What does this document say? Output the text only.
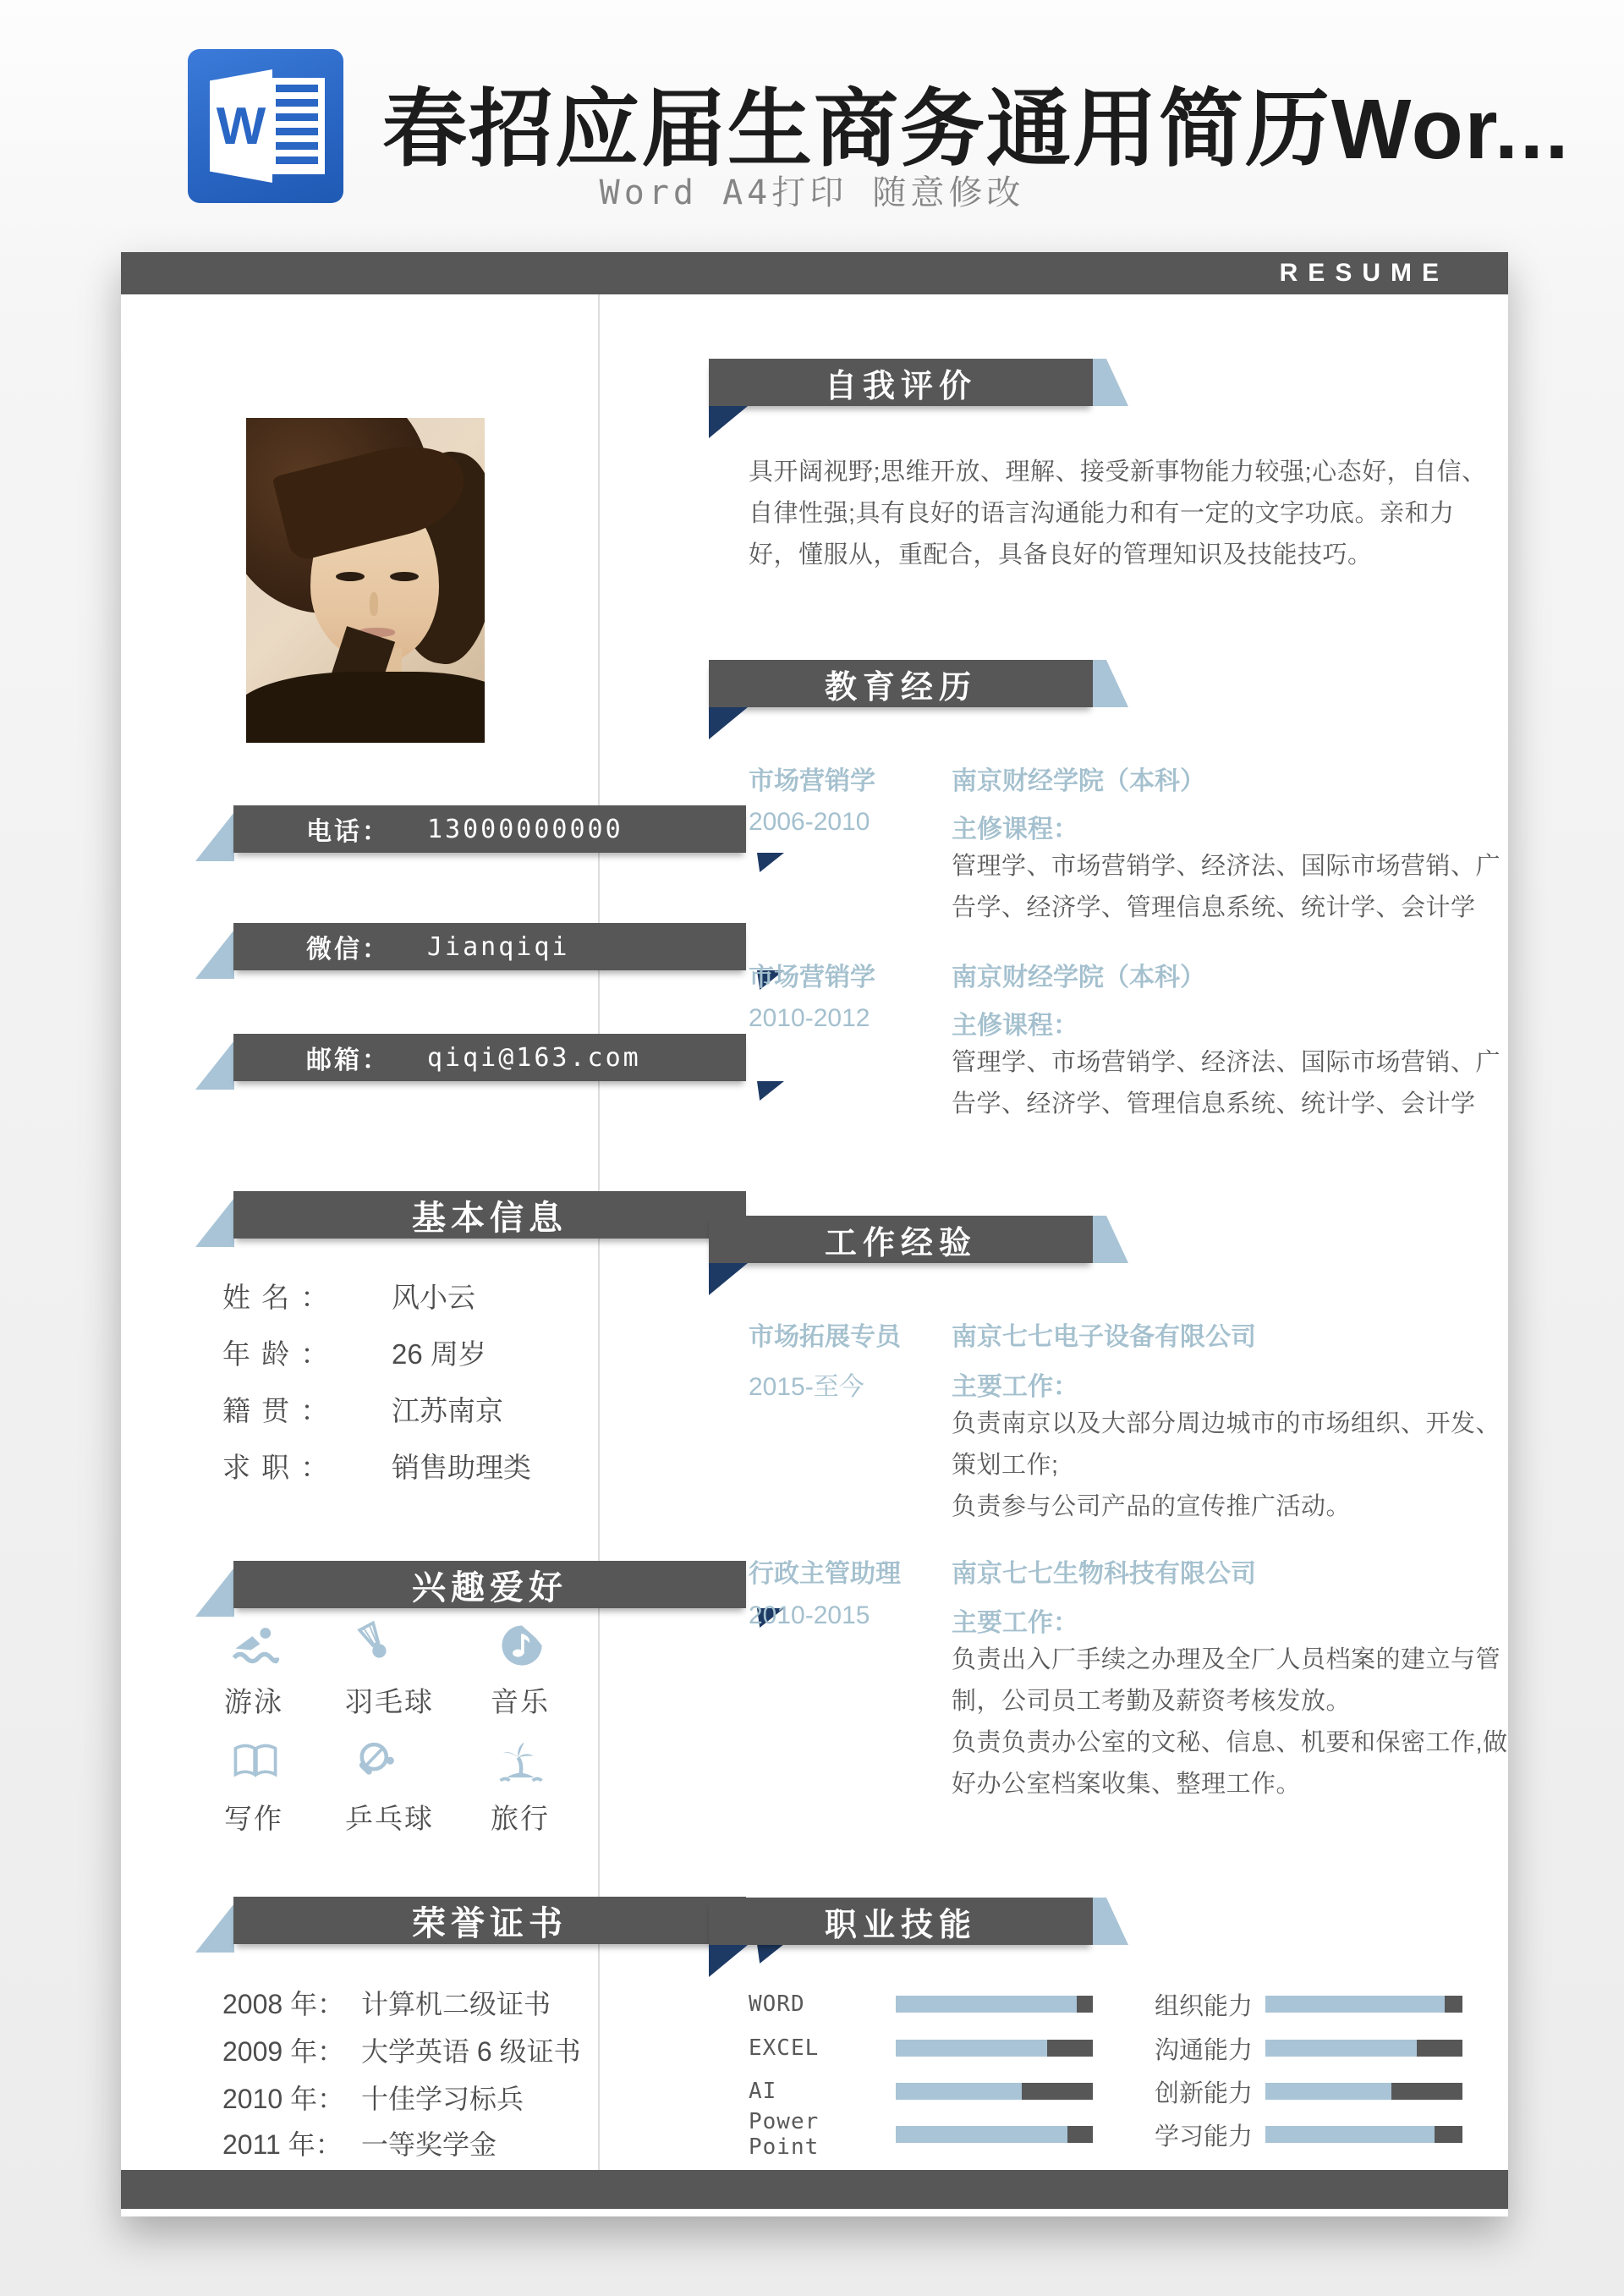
W 春招应届生商务通用简历Wor...
Word A4打印 随意修改
RESUME
电话： 13000000000
微信： Jianqiqi
邮箱： qiqi@163.com
基本信息
姓 名 ： 风小云
年 龄 ： 26 周岁
籍 贯 ： 江苏南京
求 职 ： 销售助理类
兴趣爱好
游泳	羽毛球	音乐
写作	乒乓球	旅行
荣誉证书
2008 年： 计算机二级证书
2009 年： 大学英语 6 级证书
2010 年： 十佳学习标兵
2011 年： 一等奖学金
自我评价
具开阔视野;思维开放、理解、接受新事物能力较强;心态好，自信、自律性强;具有良好的语言沟通能力和有一定的文字功底。亲和力好，懂服从，重配合，具备良好的管理知识及技能技巧。
教育经历
市场营销学	南京财经学院（本科）
2006-2010	主修课程：
管理学、市场营销学、经济法、国际市场营销、广告学、经济学、管理信息系统、统计学、会计学
市场营销学	南京财经学院（本科）
2010-2012	主修课程：
管理学、市场营销学、经济法、国际市场营销、广告学、经济学、管理信息系统、统计学、会计学
工作经验
市场拓展专员 南京七七电子设备有限公司
2015-至今	主要工作：
负责南京以及大部分周边城市的市场组织、开发、策划工作;
负责参与公司产品的宣传推广活动。
行政主管助理 南京七七生物科技有限公司
2010-2015	主要工作：
负责出入厂手续之办理及全厂人员档案的建立与管制，公司员工考勤及薪资考核发放。
负责负责办公室的文秘、信息、机要和保密工作,做好办公室档案收集、整理工作。
职业技能
WORD
EXCEL
AI
Power Point
组织能力
沟通能力
创新能力
学习能力
